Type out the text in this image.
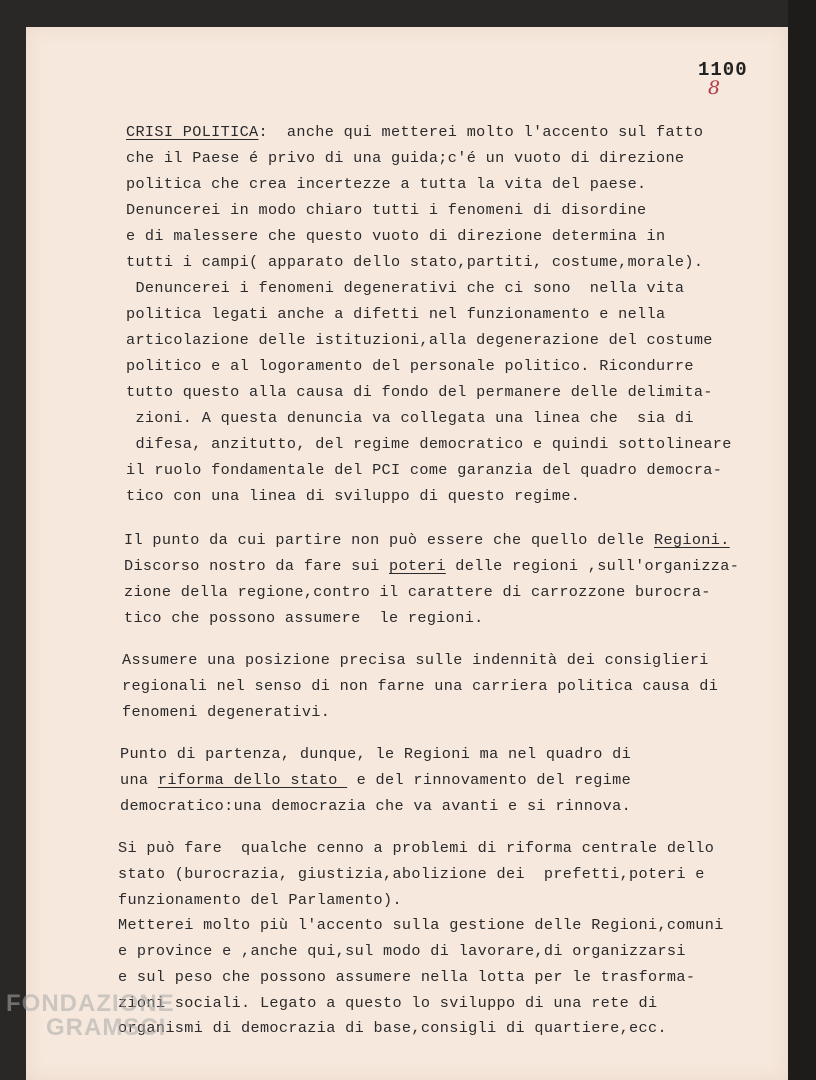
1100
8
CRISI POLITICA:  anche qui metterei molto l'accento sul fatto
che il Paese é privo di una guida;c'é un vuoto di direzione
politica che crea incertezze a tutta la vita del paese.
Denuncerei in modo chiaro tutti i fenomeni di disordine
e di malessere che questo vuoto di direzione determina in
tutti i campi( apparato dello stato,partiti, costume,morale).
Denuncerei i fenomeni degenerativi che ci sono  nella vita
politica legati anche a difetti nel funzionamento e nella
articolazione delle istituzioni,alla degenerazione del costume
politico e al logoramento del personale politico. Ricondurre
tutto questo alla causa di fondo del permanere delle delimita-
zioni. A questa denuncia va collegata una linea che  sia di
difesa, anzitutto, del regime democratico e quindi sottolineare
il ruolo fondamentale del PCI come garanzia del quadro democra-
tico con una linea di sviluppo di questo regime.
Il punto da cui partire non può essere che quello delle Regioni.
Discorso nostro da fare sui poteri delle regioni ,sull'organizza-
zione della regione,contro il carattere di carrozzone burocra-
tico che possono assumere  le regioni.
Assumere una posizione precisa sulle indennità dei consiglieri
regionali nel senso di non farne una carriera politica causa di
fenomeni degenerativi.
Punto di partenza, dunque, le Regioni ma nel quadro di
una riforma dello stato  e del rinnovamento del regime
democratico:una democrazia che va avanti e si rinnova.
Si può fare  qualche cenno a problemi di riforma centrale dello
stato (burocrazia, giustizia,abolizione dei  prefetti,poteri e
funzionamento del Parlamento).
Metterei molto più l'accento sulla gestione delle Regioni,comuni
e province e ,anche qui,sul modo di lavorare,di organizzarsi
e sul peso che possono assumere nella lotta per le trasforma-
zioni sociali. Legato a questo lo sviluppo di una rete di
organismi di democrazia di base,consigli di quartiere,ecc.
FONDAZIONE
GRAMSCI
